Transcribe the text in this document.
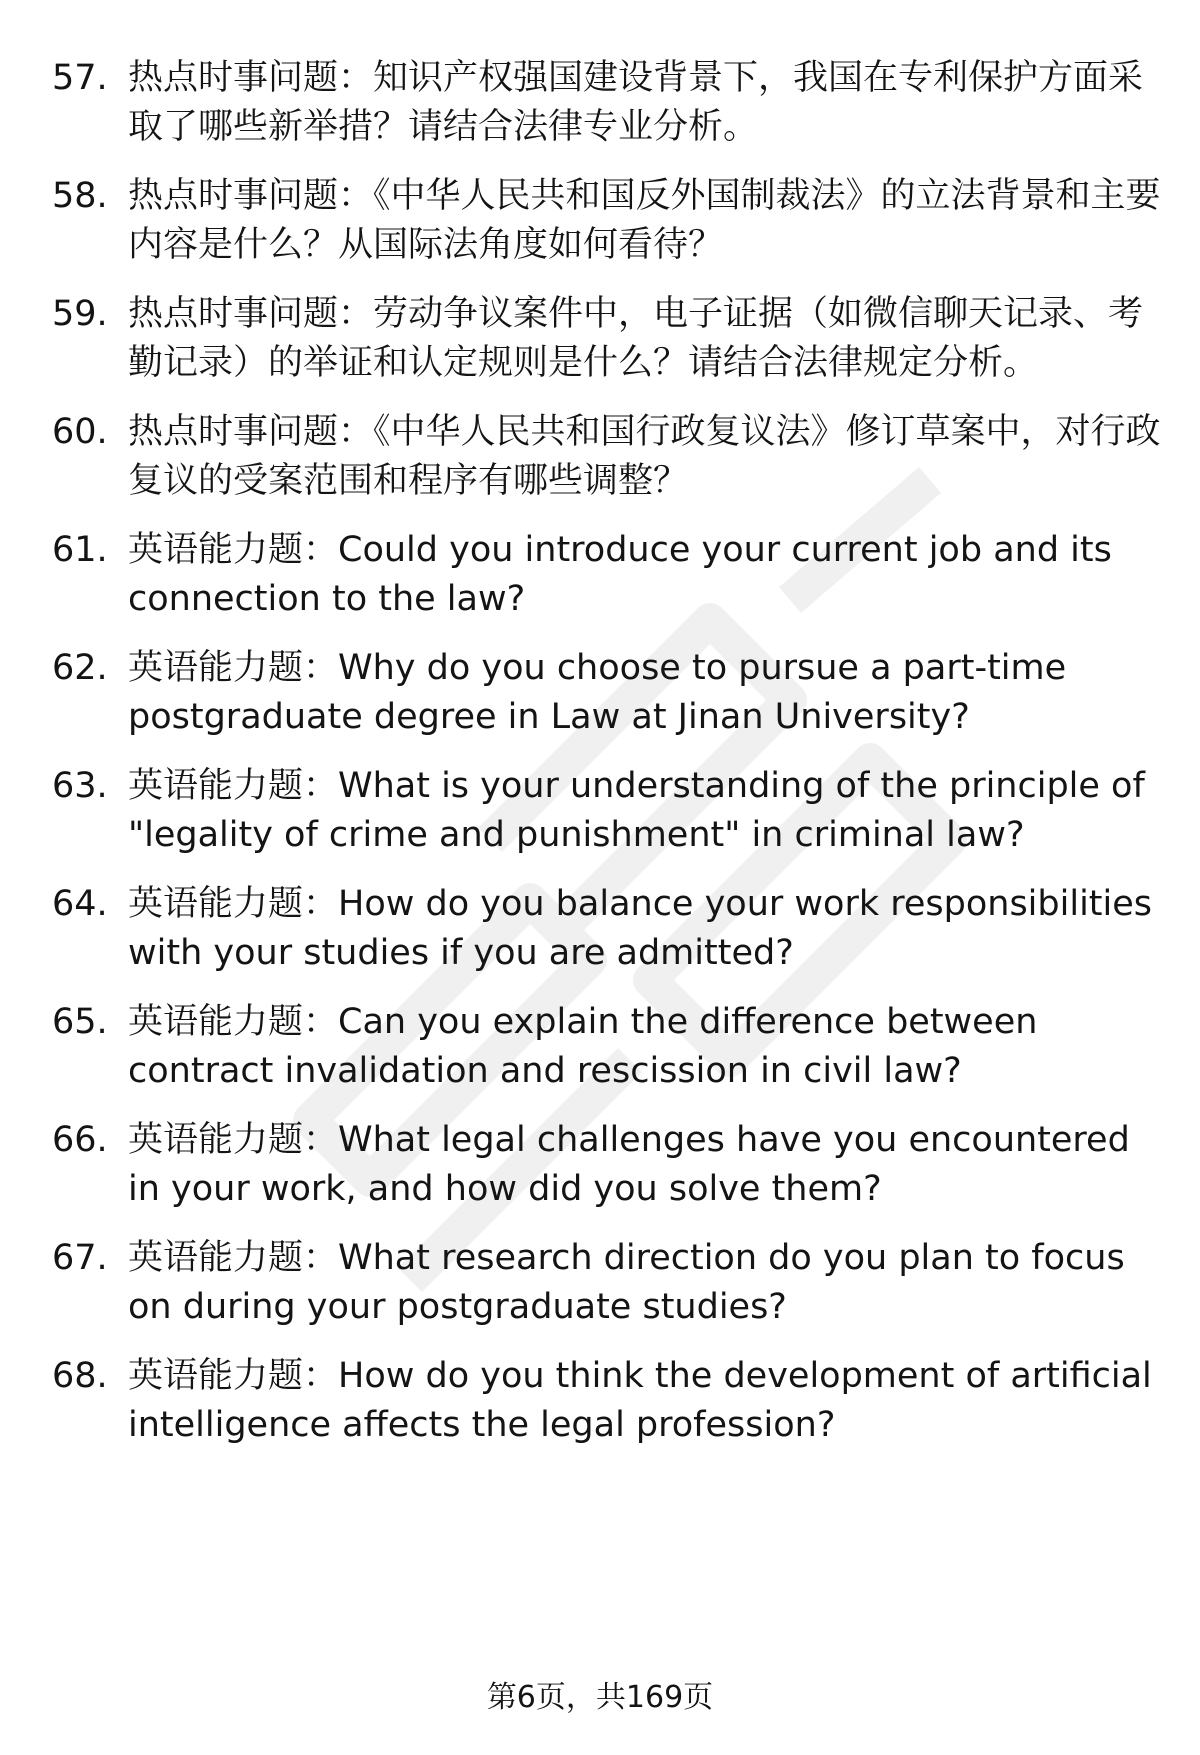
57. 热点时事问题：知识产权强国建设背景下，我国在专利保护方面采取了哪些新举措？请结合法律专业分析。
58. 热点时事问题：《中华人民共和国反外国制裁法》的立法背景和主要内容是什么？从国际法角度如何看待？
59. 热点时事问题：劳动争议案件中，电子证据（如微信聊天记录、考勤记录）的举证和认定规则是什么？请结合法律规定分析。
60. 热点时事问题：《中华人民共和国行政复议法》修订草案中，对行政复议的受案范围和程序有哪些调整？
61. 英语能力题：Could you introduce your current job and its connection to the law?
62. 英语能力题：Why do you choose to pursue a part-time postgraduate degree in Law at Jinan University?
63. 英语能力题：What is your understanding of the principle of "legality of crime and punishment" in criminal law?
64. 英语能力题：How do you balance your work responsibilities with your studies if you are admitted?
65. 英语能力题：Can you explain the difference between contract invalidation and rescission in civil law?
66. 英语能力题：What legal challenges have you encountered in your work, and how did you solve them?
67. 英语能力题：What research direction do you plan to focus on during your postgraduate studies?
68. 英语能力题：How do you think the development of artificial intelligence affects the legal profession?
第6页，共169页
